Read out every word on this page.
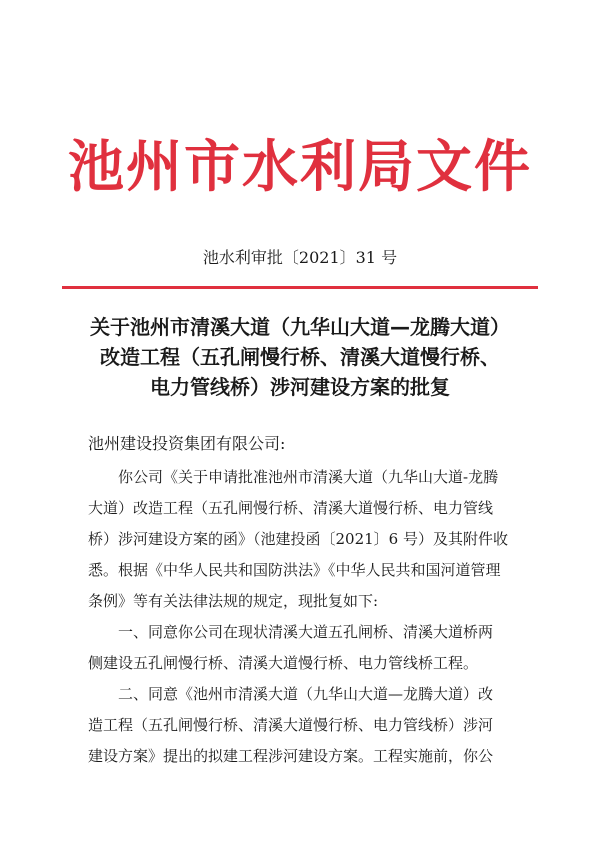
池州市水利局文件
池水利审批〔2021〕31 号
关于池州市清溪大道（九华山大道—龙腾大道）
改造工程（五孔闸慢行桥、清溪大道慢行桥、
电力管线桥）涉河建设方案的批复
池州建设投资集团有限公司:
你公司《关于申请批准池州市清溪大道（九华山大道-龙腾
大道）改造工程（五孔闸慢行桥、清溪大道慢行桥、电力管线
桥）涉河建设方案的函》（池建投函〔2021〕6 号）及其附件收
悉。根据《中华人民共和国防洪法》《中华人民共和国河道管理
条例》等有关法律法规的规定，现批复如下:
一、同意你公司在现状清溪大道五孔闸桥、清溪大道桥两
侧建设五孔闸慢行桥、清溪大道慢行桥、电力管线桥工程。
二、同意《池州市清溪大道（九华山大道—龙腾大道）改
造工程（五孔闸慢行桥、清溪大道慢行桥、电力管线桥）涉河
建设方案》提出的拟建工程涉河建设方案。工程实施前，你公
